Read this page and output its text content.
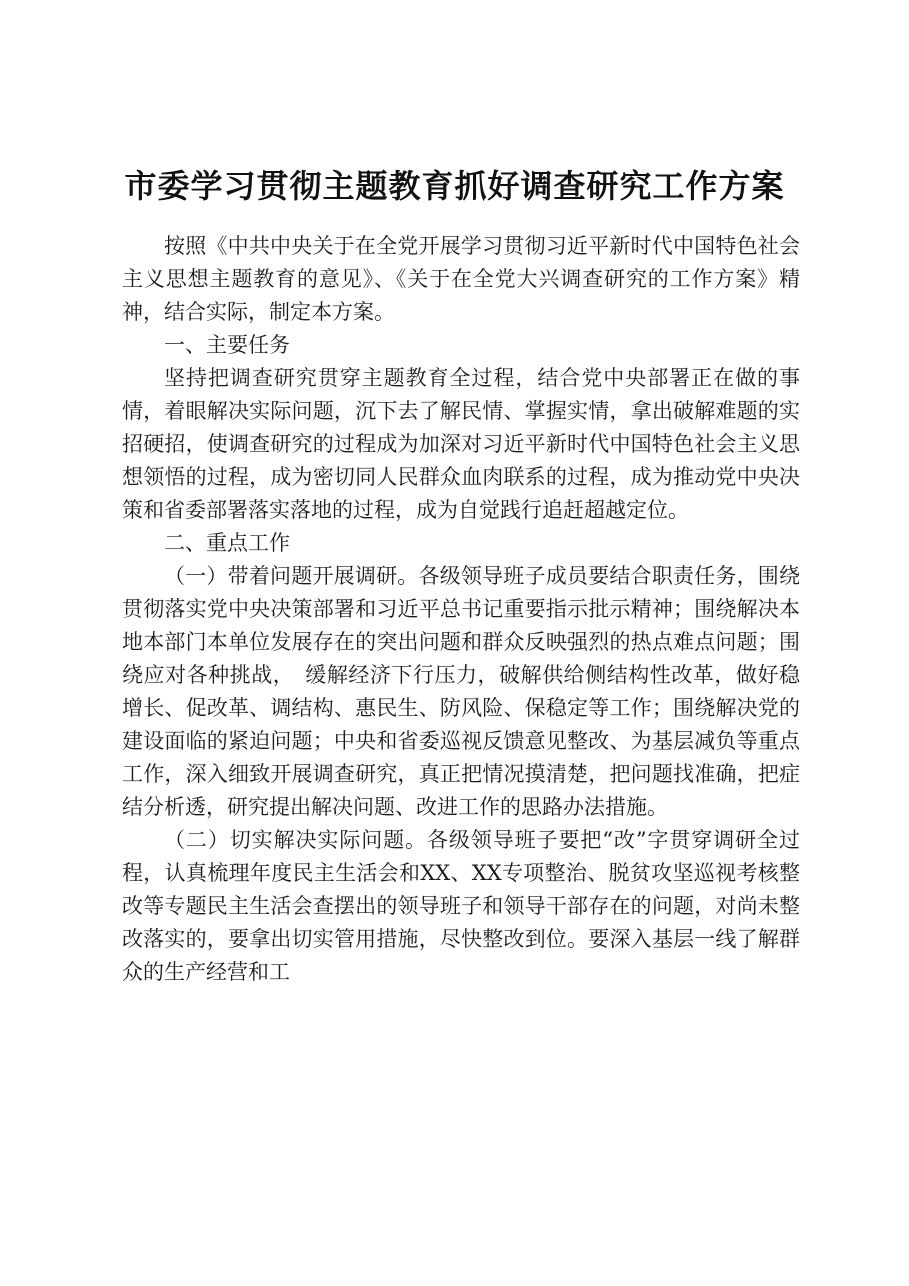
市委学习贯彻主题教育抓好调查研究工作方案

按照《中共中央关于在全党开展学习贯彻习近平新时代中国特色社会主义思想主题教育的意见》、《关于在全党大兴调查研究的工作方案》精神，结合实际，制定本方案。

一、主要任务

坚持把调查研究贯穿主题教育全过程，结合党中央部署正在做的事情，着眼解决实际问题，沉下去了解民情、掌握实情，拿出破解难题的实招硬招，使调查研究的过程成为加深对习近平新时代中国特色社会主义思想领悟的过程，成为密切同人民群众血肉联系的过程，成为推动党中央决策和省委部署落实落地的过程，成为自觉践行追赶超越定位。

二、重点工作

（一）带着问题开展调研。各级领导班子成员要结合职责任务，围绕贯彻落实党中央决策部署和习近平总书记重要指示批示精神；围绕解决本地本部门本单位发展存在的突出问题和群众反映强烈的热点难点问题；围绕应对各种挑战，　缓解经济下行压力，破解供给侧结构性改革，做好稳增长、促改革、调结构、惠民生、防风险、保稳定等工作；围绕解决党的建设面临的紧迫问题；中央和省委巡视反馈意见整改、为基层减负等重点工作，深入细致开展调查研究，真正把情况摸清楚，把问题找准确，把症结分析透，研究提出解决问题、改进工作的思路办法措施。

（二）切实解决实际问题。各级领导班子要把“改”字贯穿调研全过程，认真梳理年度民主生活会和XX、XX专项整治、脱贫攻坚巡视考核整改等专题民主生活会查摆出的领导班子和领导干部存在的问题，对尚未整改落实的，要拿出切实管用措施，尽快整改到位。要深入基层一线了解群众的生产经营和工
